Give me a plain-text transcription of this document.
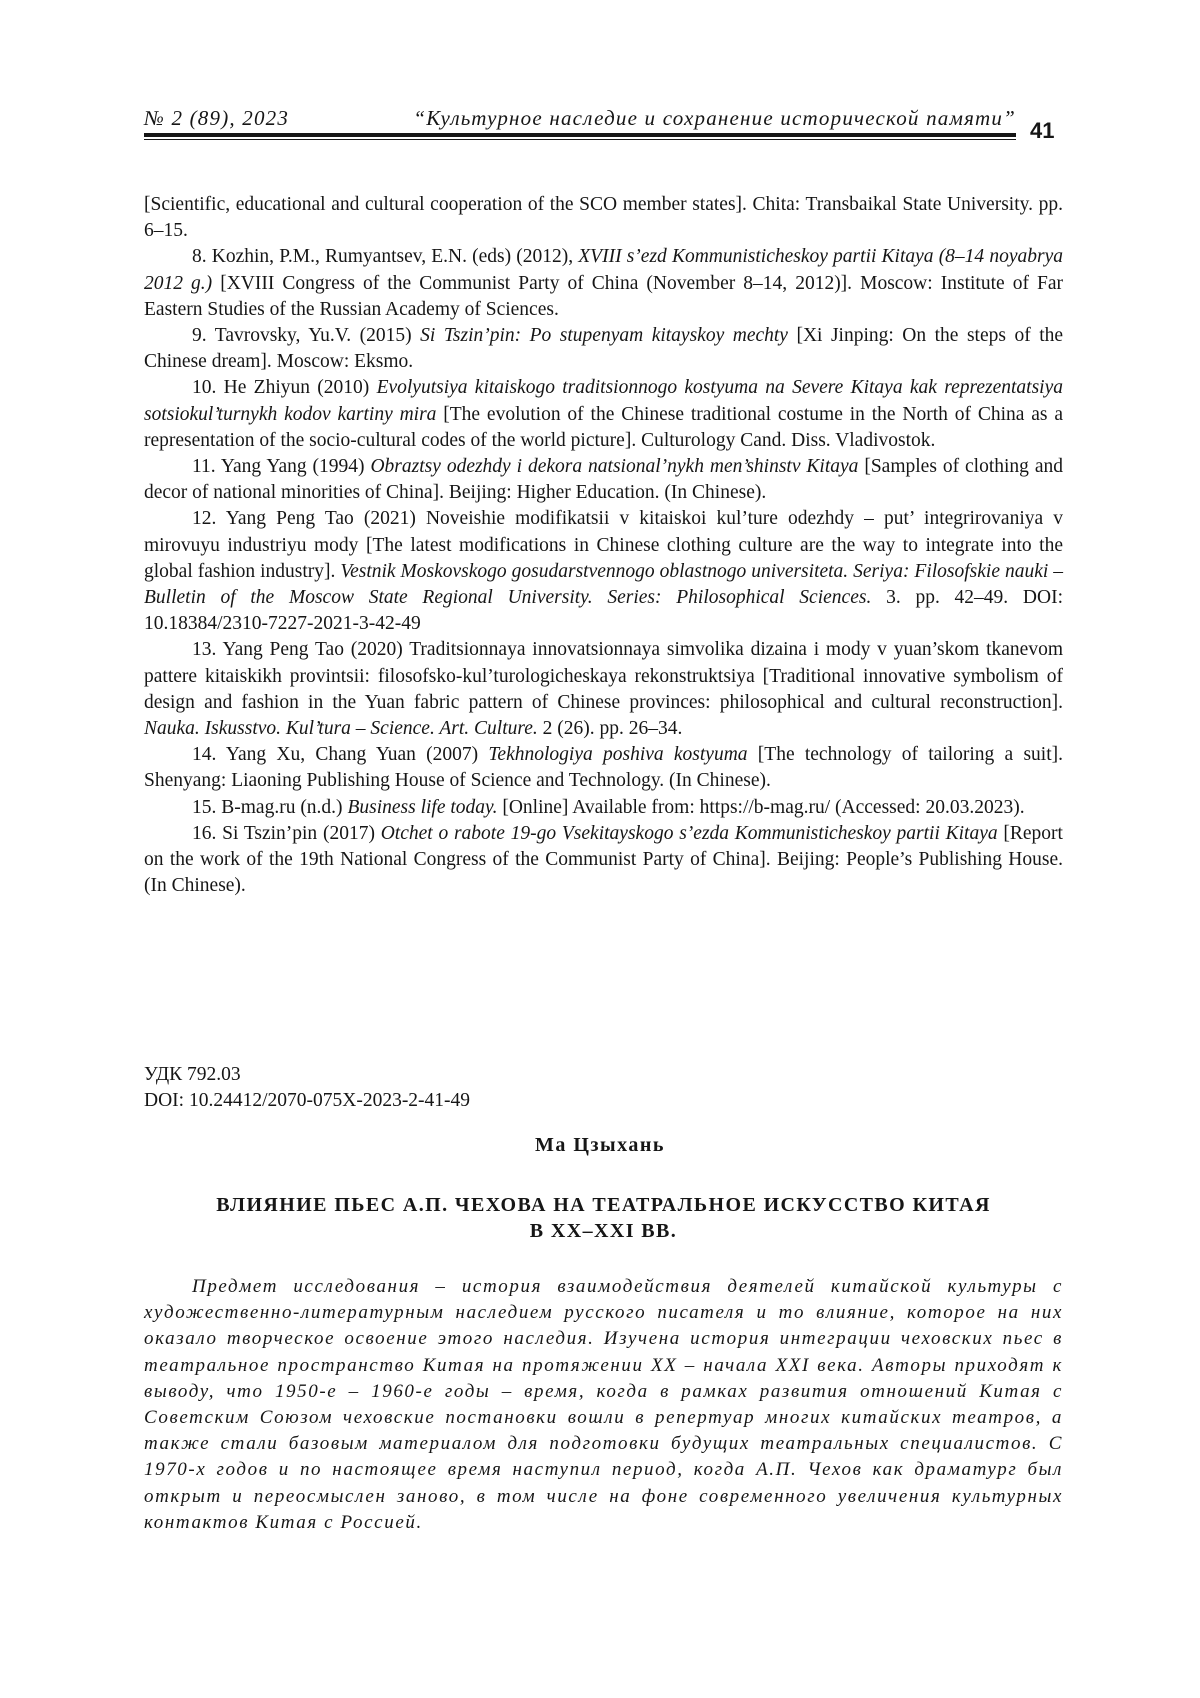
№ 2 (89), 2023	“Культурное наследие и сохранение исторической памяти” 41

[Scientific, educational and cultural cooperation of the SCO member states]. Chita: Transbaikal State University. pp. 6–15.

8. Kozhin, P.M., Rumyantsev, E.N. (eds) (2012), XVIII s’ezd Kommunisticheskoy partii Kitaya (8–14 noyabrya 2012 g.) [XVIII Congress of the Communist Party of China (November 8–14, 2012)]. Moscow: Institute of Far Eastern Studies of the Russian Academy of Sciences.

9. Tavrovsky, Yu.V. (2015) Si Tszin’pin: Po stupenyam kitayskoy mechty [Xi Jinping: On the steps of the Chinese dream]. Moscow: Eksmo.

10. He Zhiyun (2010) Evolyutsiya kitaiskogo traditsionnogo kostyuma na Severe Kitaya kak reprezentatsiya sotsiokul’turnykh kodov kartiny mira [The evolution of the Chinese traditional costume in the North of China as a representation of the socio-cultural codes of the world picture]. Culturology Cand. Diss. Vladivostok.

11. Yang Yang (1994) Obraztsy odezhdy i dekora natsional’nykh men’shinstv Kitaya [Samples of clothing and decor of national minorities of China]. Beijing: Higher Education. (In Chinese).

12. Yang Peng Tao (2021) Noveishie modifikatsii v kitaiskoi kul’ture odezhdy – put’ integrirovaniya v mirovuyu industriyu mody [The latest modifications in Chinese clothing culture are the way to integrate into the global fashion industry]. Vestnik Moskovskogo gosudarstvennogo oblastnogo universiteta. Seriya: Filosofskie nauki – Bulletin of the Moscow State Regional University. Series: Philosophical Sciences. 3. pp. 42–49. DOI: 10.18384/2310-7227-2021-3-42-49

13. Yang Peng Tao (2020) Traditsionnaya innovatsionnaya simvolika dizaina i mody v yuan’skom tkanevom pattere kitaiskikh provintsii: filosofsko-kul’turologicheskaya rekonstruktsiya [Traditional innovative symbolism of design and fashion in the Yuan fabric pattern of Chinese provinces: philosophical and cultural reconstruction]. Nauka. Iskusstvo. Kul’tura – Science. Art. Culture. 2 (26). pp. 26–34.

14. Yang Xu, Chang Yuan (2007) Tekhnologiya poshiva kostyuma [The technology of tailoring a suit]. Shenyang: Liaoning Publishing House of Science and Technology. (In Chinese).

15. B-mag.ru (n.d.) Business life today. [Online] Available from: https://b-mag.ru/ (Accessed: 20.03.2023).

16. Si Tszin’pin (2017) Otchet o rabote 19-go Vsekitayskogo s’ezda Kommunisticheskoy partii Kitaya [Report on the work of the 19th National Congress of the Communist Party of China]. Beijing: People’s Publishing House. (In Chinese).

УДК 792.03
DOI: 10.24412/2070-075X-2023-2-41-49
Ма Цзыхань
ВЛИЯНИЕ ПЬЕС А.П. ЧЕХОВА НА ТЕАТРАЛЬНОЕ ИСКУССТВО КИТАЯ
В XX–XXI ВВ.

Предмет исследования – история взаимодействия деятелей китайской культуры с художественно-литературным наследием русского писателя и то влияние, которое на них оказало творческое освоение этого наследия. Изучена история интеграции чеховских пьес в театральное пространство Китая на протяжении XX – начала XXI века. Авторы приходят к выводу, что 1950-е – 1960-е годы – время, когда в рамках развития отношений Китая с Советским Союзом чеховские постановки вошли в репертуар многих китайских театров, а также стали базовым материалом для подготовки будущих театральных специалистов. С 1970-х годов и по настоящее время наступил период, когда А.П. Чехов как драматург был открыт и переосмыслен заново, в том числе на фоне современного увеличения культурных контактов Китая с Россией.
